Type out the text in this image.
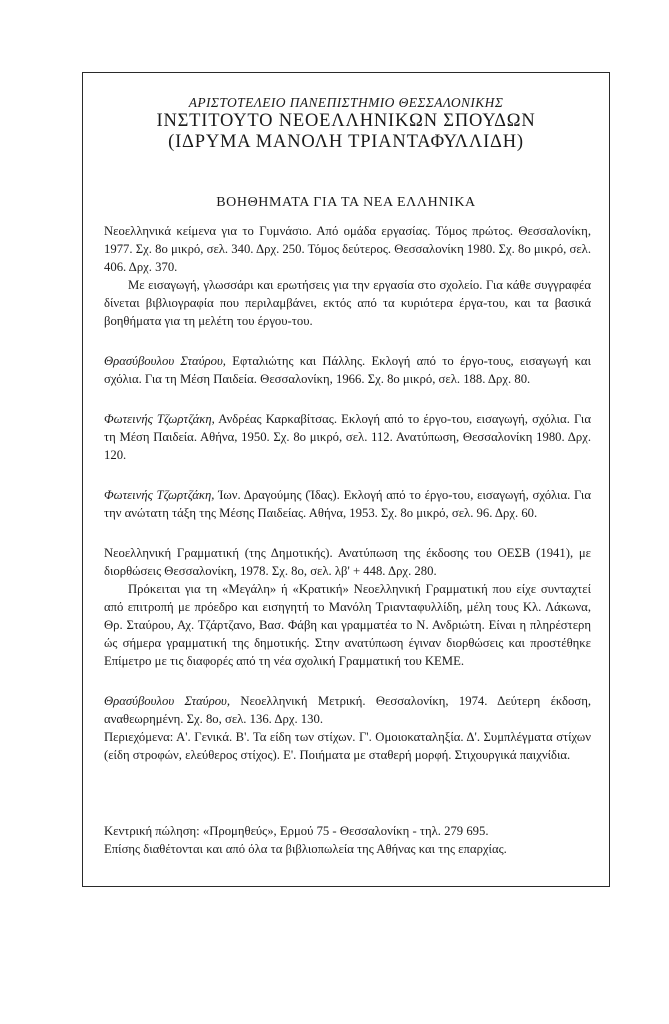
ΑΡΙΣΤΟΤΕΛΕΙΟ ΠΑΝΕΠΙΣΤΗΜΙΟ ΘΕΣΣΑΛΟΝΙΚΗΣ
ΙΝΣΤΙΤΟΥΤΟ ΝΕΟΕΛΛΗΝΙΚΩΝ ΣΠΟΥΔΩΝ
(ΙΔΡΥΜΑ ΜΑΝΟΛΗ ΤΡΙΑΝΤΑΦΥΛΛΙΔΗ)
ΒΟΗΘΗΜΑΤΑ ΓΙΑ ΤΑ ΝΕΑ ΕΛΛΗΝΙΚΑ

Νεοελληνικά κείμενα για το Γυμνάσιο. Από ομάδα εργασίας. Τόμος πρώτος. Θεσσαλονίκη, 1977. Σχ. 8ο μικρό, σελ. 340. Δρχ. 250. Τόμος δεύτερος. Θεσσαλονίκη 1980. Σχ. 8ο μικρό, σελ. 406. Δρχ. 370.

Με εισαγωγή, γλωσσάρι και ερωτήσεις για την εργασία στο σχολείο. Για κάθε συγγραφέα δίνεται βιβλιογραφία που περιλαμβάνει, εκτός από τα κυριότερα έργα-του, και τα βασικά βοηθήματα για τη μελέτη του έργου-του.

Θρασύβουλου Σταύρου, Εφταλιώτης και Πάλλης. Εκλογή από το έργο-τους, εισαγωγή και σχόλια. Για τη Μέση Παιδεία. Θεσσαλονίκη, 1966. Σχ. 8ο μικρό, σελ. 188. Δρχ. 80.

Φωτεινής Τζωρτζάκη, Ανδρέας Καρκαβίτσας. Εκλογή από το έργο-του, εισαγωγή, σχόλια. Για τη Μέση Παιδεία. Αθήνα, 1950. Σχ. 8ο μικρό, σελ. 112. Ανατύπωση, Θεσσαλονίκη 1980. Δρχ. 120.

Φωτεινής Τζωρτζάκη, Ίων. Δραγούμης (Ίδας). Εκλογή από το έργο-του, εισαγωγή, σχόλια. Για την ανώτατη τάξη της Μέσης Παιδείας. Αθήνα, 1953. Σχ. 8ο μικρό, σελ. 96. Δρχ. 60.

Νεοελληνική Γραμματική (της Δημοτικής). Ανατύπωση της έκδοσης του ΟΕΣΒ (1941), με διορθώσεις Θεσσαλονίκη, 1978. Σχ. 8ο, σελ. λβ' + 448. Δρχ. 280.

Πρόκειται για τη «Μεγάλη» ή «Κρατική» Νεοελληνική Γραμματική που είχε συνταχτεί από επιτροπή με πρόεδρο και εισηγητή το Μανόλη Τριανταφυλλίδη, μέλη τους Κλ. Λάκωνα, Θρ. Σταύρου, Αχ. Τζάρτζανο, Βασ. Φάβη και γραμματέα το Ν. Ανδριώτη. Είναι η πληρέστερη ώς σήμερα γραμματική της δημοτικής. Στην ανατύπωση έγιναν διορθώσεις και προστέθηκε Επίμετρο με τις διαφορές από τη νέα σχολική Γραμματική του ΚΕΜΕ.

Θρασύβουλου Σταύρου, Νεοελληνική Μετρική. Θεσσαλονίκη, 1974. Δεύτερη έκδοση, αναθεωρημένη. Σχ. 8ο, σελ. 136. Δρχ. 130.

Περιεχόμενα: Α'. Γενικά. Β'. Τα είδη των στίχων. Γ'. Ομοιοκαταληξία. Δ'. Συμπλέγματα στίχων (είδη στροφών, ελεύθερος στίχος). Ε'. Ποιήματα με σταθερή μορφή. Στιχουργικά παιχνίδια.

Κεντρική πώληση: «Προμηθεύς», Ερμού 75 - Θεσσαλονίκη - τηλ. 279 695.

Επίσης διαθέτονται και από όλα τα βιβλιοπωλεία της Αθήνας και της επαρχίας.
